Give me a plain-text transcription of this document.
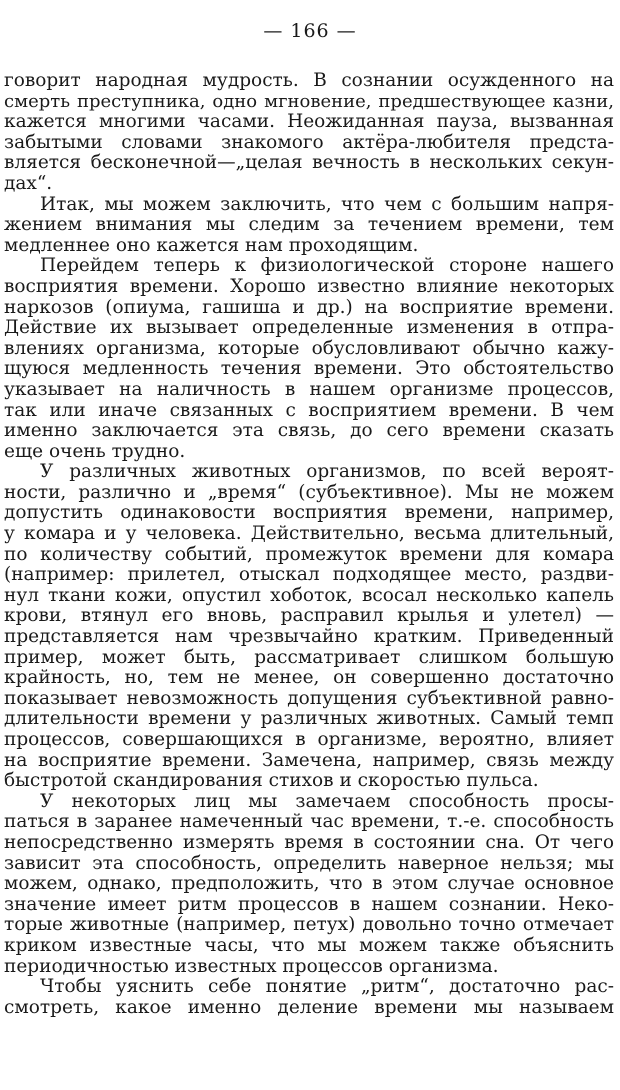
— 166 —
говорит народная мудрость. В сознании осужденного на
смерть преступника, одно мгновение, предшествующее казни,
кажется многими часами. Неожиданная пауза, вызванная
забытыми словами знакомого актёра-любителя предста-
вляется бесконечной—„целая вечность в нескольких секун-
дах“.
Итак, мы можем заключить, что чем с большим напря-
жением внимания мы следим за течением времени, тем
медленнее оно кажется нам проходящим.
Перейдем теперь к физиологической стороне нашего
восприятия времени. Хорошо известно влияние некоторых
наркозов (опиума, гашиша и др.) на восприятие времени.
Действие их вызывает определенные изменения в отпра-
влениях организма, которые обусловливают обычно кажу-
щуюся медленность течения времени. Это обстоятельство
указывает на наличность в нашем организме процессов,
так или иначе связанных с восприятием времени. В чем
именно заключается эта связь, до сего времени сказать
еще очень трудно.
У различных животных организмов, по всей вероят-
ности, различно и „время“ (субъективное). Мы не можем
допустить одинаковости восприятия времени, например,
у комара и у человека. Действительно, весьма длительный,
по количеству событий, промежуток времени для комара
(например: прилетел, отыскал подходящее место, раздви-
нул ткани кожи, опустил хоботок, всосал несколько капель
крови, втянул его вновь, расправил крылья и улетел) —
представляется нам чрезвычайно кратким. Приведенный
пример, может быть, рассматривает слишком большую
крайность, но, тем не менее, он совершенно достаточно
показывает невозможность допущения субъективной равно-
длительности времени у различных животных. Самый темп
процессов, совершающихся в организме, вероятно, влияет
на восприятие времени. Замечена, например, связь между
быстротой скандирования стихов и скоростью пульса.
У некоторых лиц мы замечаем способность просы-
паться в заранее намеченный час времени, т.-е. способность
непосредственно измерять время в состоянии сна. От чего
зависит эта способность, определить наверное нельзя; мы
можем, однако, предположить, что в этом случае основное
значение имеет ритм процессов в нашем сознании. Неко-
торые животные (например, петух) довольно точно отмечает
криком известные часы, что мы можем также объяснить
периодичностью известных процессов организма.
Чтобы уяснить себе понятие „ритм“, достаточно рас-
смотреть, какое именно деление времени мы называем
